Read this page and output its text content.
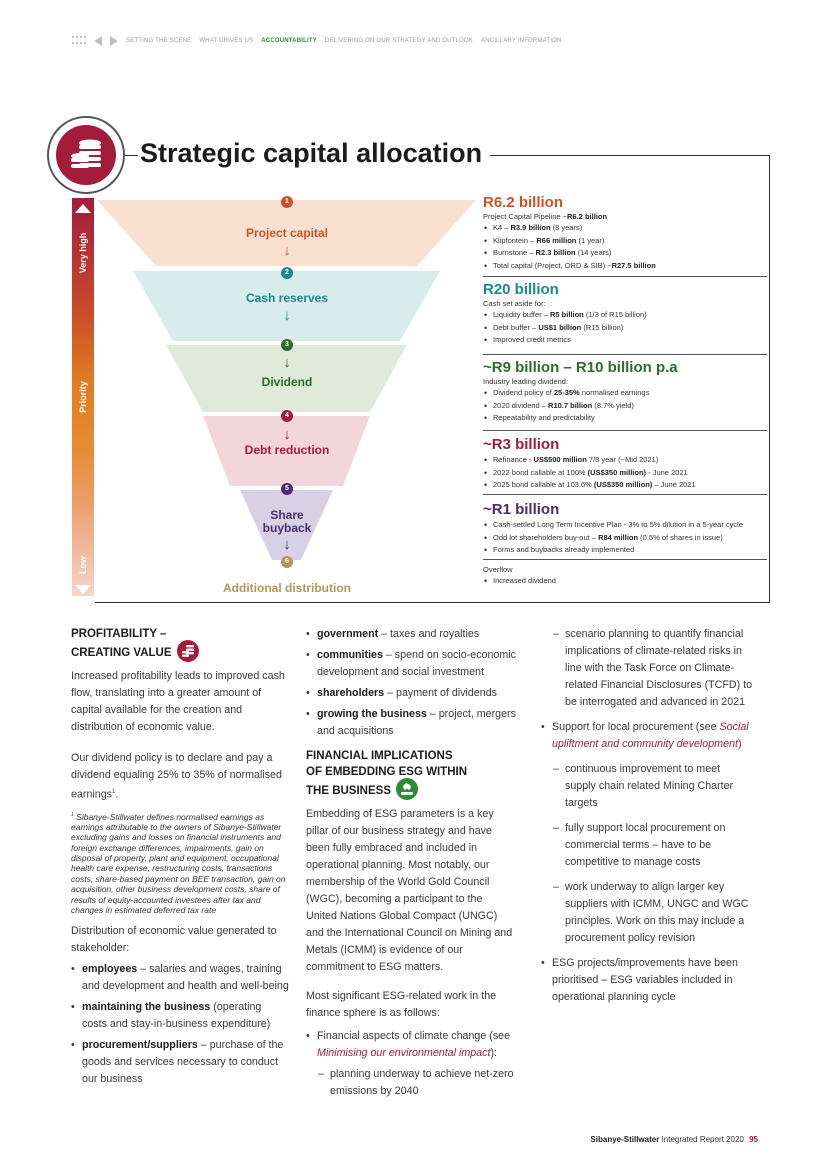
SETTING THE SCENE WHAT DRIVES US ACCOUNTABILITY DELIVERING ON OUR STRATEGY AND OUTLOOK ANCILLARY INFORMATION
Strategic capital allocation
Very high
Priority
Low
1
Project capital
↓
2
Cash reserves
↓
3
↓
Dividend
4
↓
Debt reduction
5
Share
buyback
↓
6
Additional distribution
R6.2 billion
Project Capital Pipeline ~R6.2 billion
• K4 – R3.9 billion (8 years)
• Klipfontein – R66 million (1 year)
• Burnstone – R2.3 billion (14 years)
• Total capital (Project, ORD & SIB) ~R27.5 billion
R20 billion
Cash set aside for:
• Liquidity buffer – R5 billion (1/3 of R15 billion)
• Debt buffer – US$1 billion (R15 billion)
• Improved credit metrics
~R9 billion – R10 billion p.a
Industry leading dividend:
• Dividend policy of 25-35% normalised earnings
• 2020 dividend – R10.7 billion (8.7% yield)
• Repeatability and predictability
~R3 billion
• Refinance - US$500 million 7/8 year (~Mid 2021)
• 2022 bond callable at 100% (US$350 million) - June 2021
• 2025 bond callable at 103.6% (US$350 million) – June 2021
~R1 billion
• Cash-settled Long Term Incentive Plan - 3% to 5% dilution in a 5-year cycle
• Odd lot shareholders buy-out – R84 million (0.5% of shares in issue)
• Forms and buybacks already implemented
Overflow
• Increased dividend
PROFITABILITY –
CREATING VALUE

Increased profitability leads to improved cash flow, translating into a greater amount of capital available for the creation and distribution of economic value.

Our dividend policy is to declare and pay a dividend equaling 25% to 35% of normalised earnings$^1$.

$^1$ Sibanye-Stillwater defines normalised earnings as earnings attributable to the owners of Sibanye-Stillwater excluding gains and losses on financial instruments and foreign exchange differences, impairments, gain on disposal of property, plant and equipment, occupational health care expense, restructuring costs, transactions costs, share-based payment on BEE transaction, gain on acquisition, other business development costs, share of results of equity-accounted investees after tax and changes in estimated deferred tax rate

Distribution of economic value generated to stakeholder:

• employees – salaries and wages, training and development and health and well-being
• maintaining the business (operating costs and stay-in-business expenditure)
• procurement/suppliers – purchase of the goods and services necessary to conduct our business
• government – taxes and royalties
• communities – spend on socio-economic development and social investment
• shareholders – payment of dividends
• growing the business – project, mergers and acquisitions
FINANCIAL IMPLICATIONS
OF EMBEDDING ESG WITHIN
THE BUSINESS

Embedding of ESG parameters is a key pillar of our business strategy and have been fully embraced and included in operational planning. Most notably, our membership of the World Gold Council (WGC), becoming a participant to the United Nations Global Compact (UNGC) and the International Council on Mining and Metals (ICMM) is evidence of our commitment to ESG matters.

Most significant ESG-related work in the finance sphere is as follows:

• Financial aspects of climate change (see Minimising our environmental impact):
– planning underway to achieve net-zero emissions by 2040
– scenario planning to quantify financial implications of climate-related risks in line with the Task Force on Climate-related Financial Disclosures (TCFD) to be interrogated and advanced in 2021
• Support for local procurement (see Social upliftment and community development)
– continuous improvement to meet supply chain related Mining Charter targets
– fully support local procurement on commercial terms – have to be competitive to manage costs
– work underway to align larger key suppliers with ICMM, UNGC and WGC principles. Work on this may include a procurement policy revision
• ESG projects/improvements have been prioritised – ESG variables included in operational planning cycle
Sibanye-Stillwater Integrated Report 2020 95
